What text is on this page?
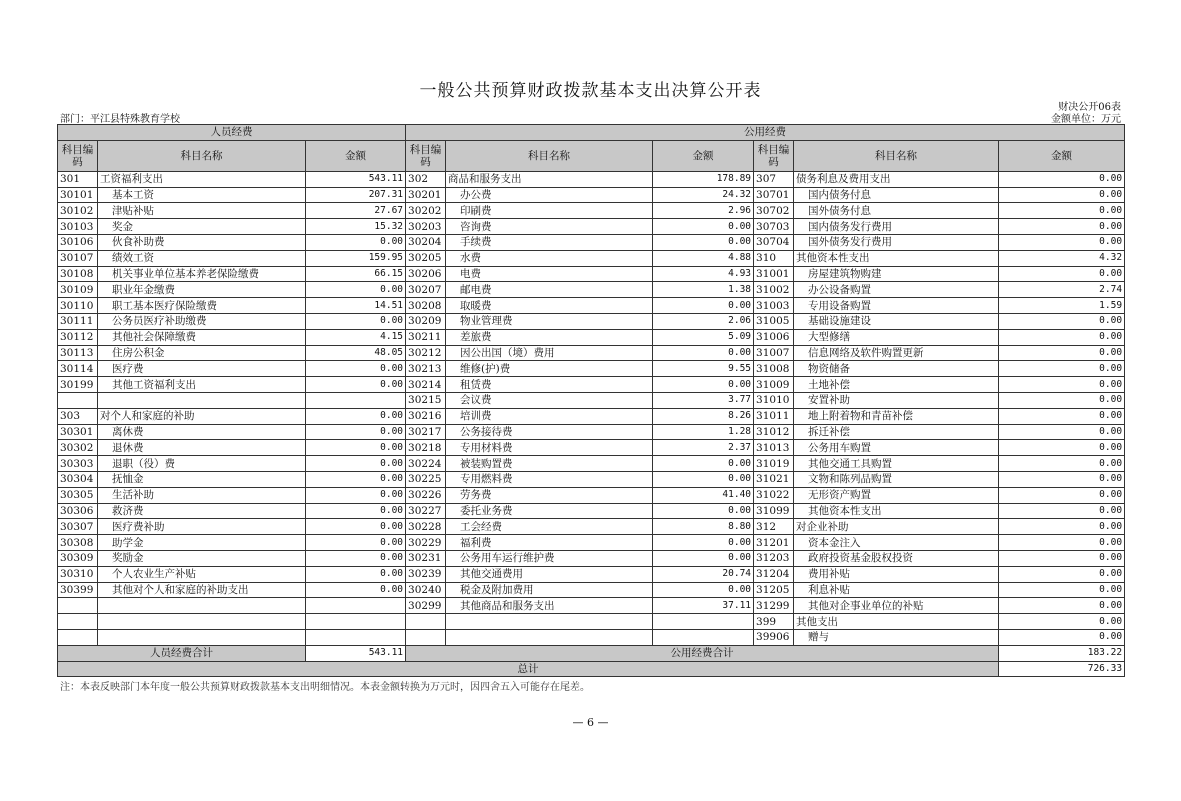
一般公共预算财政拨款基本支出决算公开表
财决公开06表
部门：平江县特殊教育学校	金额单位：万元
人员经费			公用经费					
科目编码	科目名称	金额	科目编码	科目名称	金额	科目编码	科目名称	金额
301	工资福利支出	543.11	302	商品和服务支出	178.89	307	债务利息及费用支出	0.00
30101	基本工资	207.31	30201	办公费	24.32	30701	国内债务付息	0.00
30102	津贴补贴	27.67	30202	印刷费	2.96	30702	国外债务付息	0.00
30103	奖金	15.32	30203	咨询费	0.00	30703	国内债务发行费用	0.00
30106	伙食补助费	0.00	30204	手续费	0.00	30704	国外债务发行费用	0.00
30107	绩效工资	159.95	30205	水费	4.88	310	其他资本性支出	4.32
30108	机关事业单位基本养老保险缴费	66.15	30206	电费	4.93	31001	房屋建筑物购建	0.00
30109	职业年金缴费	0.00	30207	邮电费	1.38	31002	办公设备购置	2.74
30110	职工基本医疗保险缴费	14.51	30208	取暖费	0.00	31003	专用设备购置	1.59
30111	公务员医疗补助缴费	0.00	30209	物业管理费	2.06	31005	基础设施建设	0.00
30112	其他社会保障缴费	4.15	30211	差旅费	5.09	31006	大型修缮	0.00
30113	住房公积金	48.05	30212	因公出国（境）费用	0.00	31007	信息网络及软件购置更新	0.00
30114	医疗费	0.00	30213	维修(护)费	9.55	31008	物资储备	0.00
30199	其他工资福利支出	0.00	30214	租赁费	0.00	31009	土地补偿	0.00
			30215	会议费	3.77	31010	安置补助	0.00
303	对个人和家庭的补助	0.00	30216	培训费	8.26	31011	地上附着物和青苗补偿	0.00
30301	离休费	0.00	30217	公务接待费	1.28	31012	拆迁补偿	0.00
30302	退休费	0.00	30218	专用材料费	2.37	31013	公务用车购置	0.00
30303	退职（役）费	0.00	30224	被装购置费	0.00	31019	其他交通工具购置	0.00
30304	抚恤金	0.00	30225	专用燃料费	0.00	31021	文物和陈列品购置	0.00
30305	生活补助	0.00	30226	劳务费	41.40	31022	无形资产购置	0.00
30306	救济费	0.00	30227	委托业务费	0.00	31099	其他资本性支出	0.00
30307	医疗费补助	0.00	30228	工会经费	8.80	312	对企业补助	0.00
30308	助学金	0.00	30229	福利费	0.00	31201	资本金注入	0.00
30309	奖励金	0.00	30231	公务用车运行维护费	0.00	31203	政府投资基金股权投资	0.00
30310	个人农业生产补贴	0.00	30239	其他交通费用	20.74	31204	费用补贴	0.00
30399	其他对个人和家庭的补助支出	0.00	30240	税金及附加费用	0.00	31205	利息补贴	0.00
			30299	其他商品和服务支出	37.11	31299	其他对企事业单位的补贴	0.00
						399	其他支出	0.00
						39906	赠与	0.00
人员经费合计		543.11	公用经费合计					183.22
总计								726.33
注：本表反映部门本年度一般公共预算财政拨款基本支出明细情况。本表金额转换为万元时，因四舍五入可能存在尾差。
— 6 —
